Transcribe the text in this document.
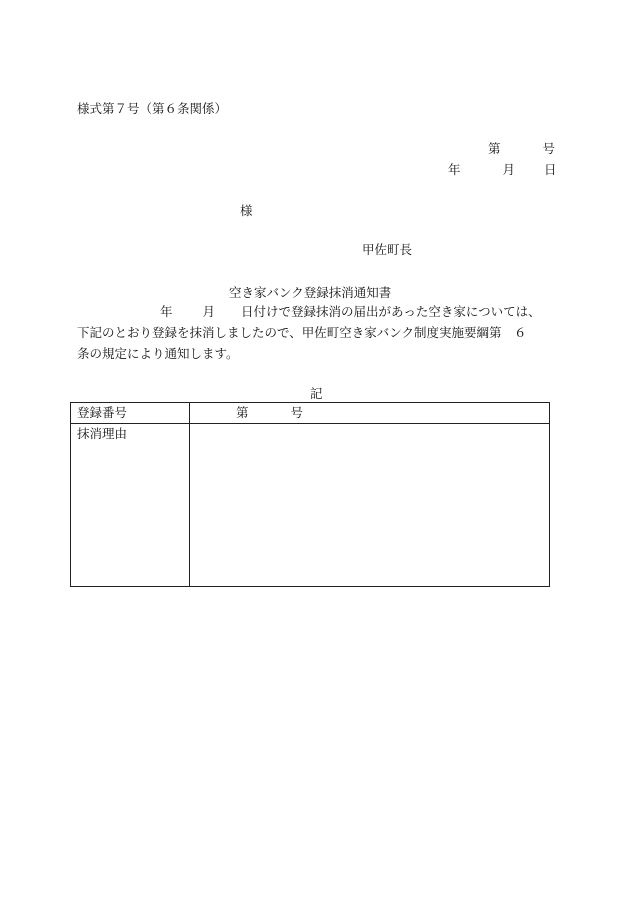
様式第７号（第６条関係）
第	号
年	月 日
様
甲佐町長
空き家バンク登録抹消通知書
年 月 日付けで登録抹消の届出があった空き家については、
下記のとおり登録を抹消しましたので、甲佐町空き家バンク制度実施要綱第　６
条の規定により通知します。
記
登録番号	第 号
抹消理由	
